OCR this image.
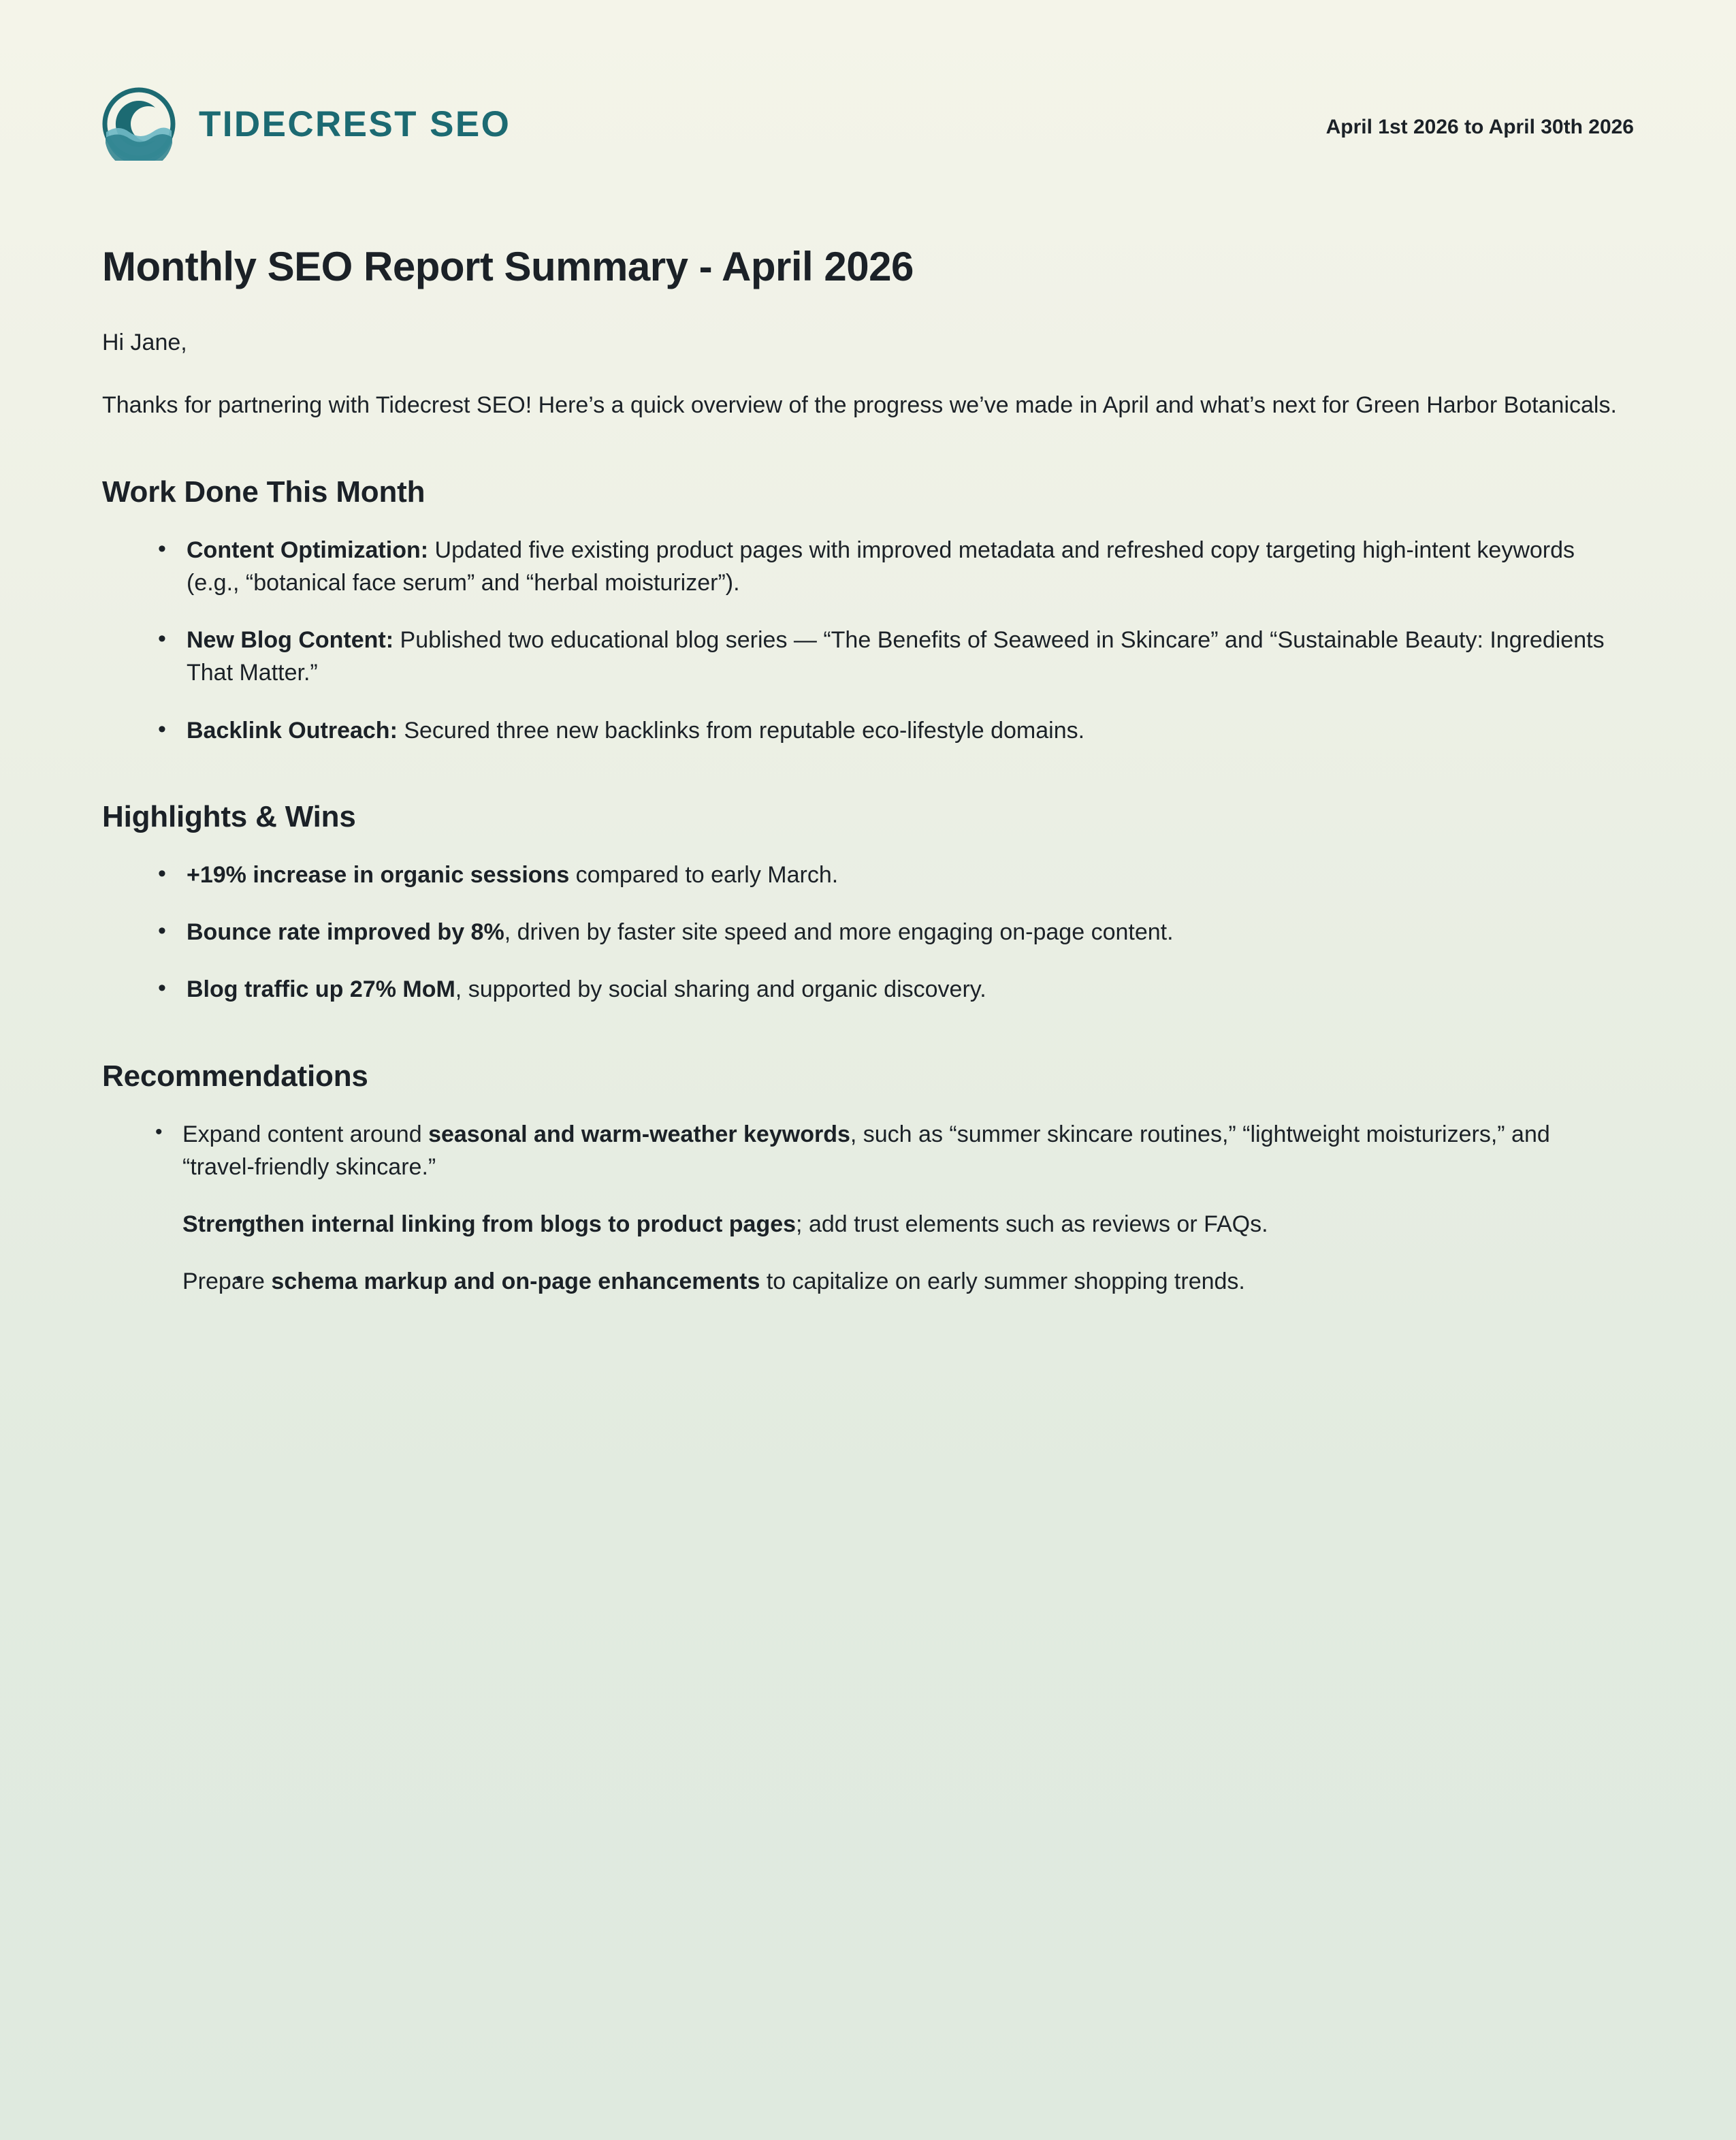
TIDECREST SEO	April 1st 2026 to April 30th 2026
Monthly SEO Report Summary - April 2026

Hi Jane,

Thanks for partnering with Tidecrest SEO! Here’s a quick overview of the progress we’ve made in April and what’s next for Green Harbor Botanicals.

Work Done This Month
• Content Optimization: Updated five existing product pages with improved metadata and refreshed copy targeting high-intent keywords (e.g., “botanical face serum” and “herbal moisturizer”).
• New Blog Content: Published two educational blog series — “The Benefits of Seaweed in Skincare” and “Sustainable Beauty: Ingredients That Matter.”
• Backlink Outreach: Secured three new backlinks from reputable eco-lifestyle domains.
Highlights & Wins
• +19% increase in organic sessions compared to early March.
• Bounce rate improved by 8%, driven by faster site speed and more engaging on-page content.
• Blog traffic up 27% MoM, supported by social sharing and organic discovery.
Recommendations
• Expand content around seasonal and warm-weather keywords, such as “summer skincare routines,” “lightweight moisturizers,” and “travel-friendly skincare.”
• Strengthen internal linking from blogs to product pages; add trust elements such as reviews or FAQs.
• Prepare schema markup and on-page enhancements to capitalize on early summer shopping trends.
